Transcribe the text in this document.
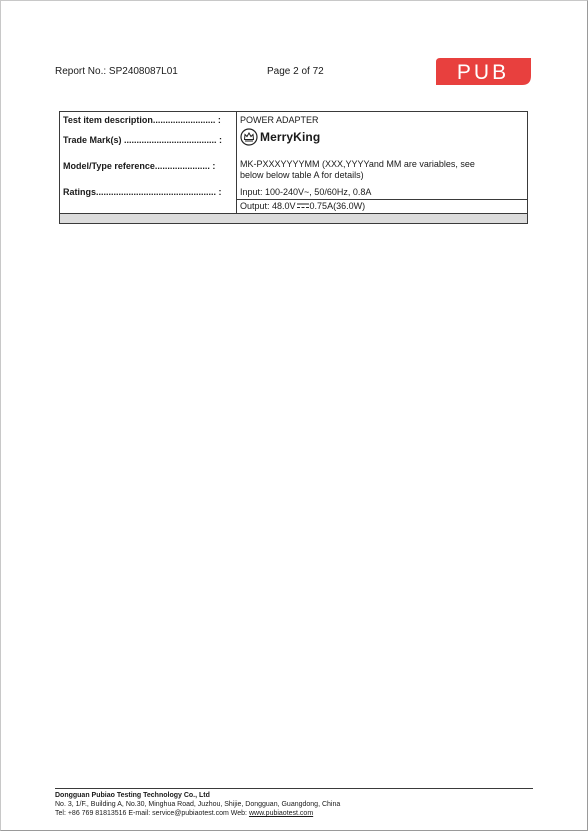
Report No.: SP2408087L01	Page 2 of 72	PUB
Test item description......................... :	POWER ADAPTER
Trade Mark(s) ..................................... :	MerryKing

Model/Type reference...................... :	MK-PXXXYYYYMM (XXX,YYYYand MM are variables, see
below below table A for details)

Ratings................................................ :	Input: 100-240V~, 50/60Hz, 0.8A
	Output: 48.0V 0.75A(36.0W)

Dongguan Pubiao Testing Technology Co., Ltd
No. 3, 1/F., Building A, No.30, Minghua Road, Juzhou, Shijie, Dongguan, Guangdong, China
Tel: +86 769 81813516 E-mail: service@pubiaotest.com Web: www.pubiaotest.com
